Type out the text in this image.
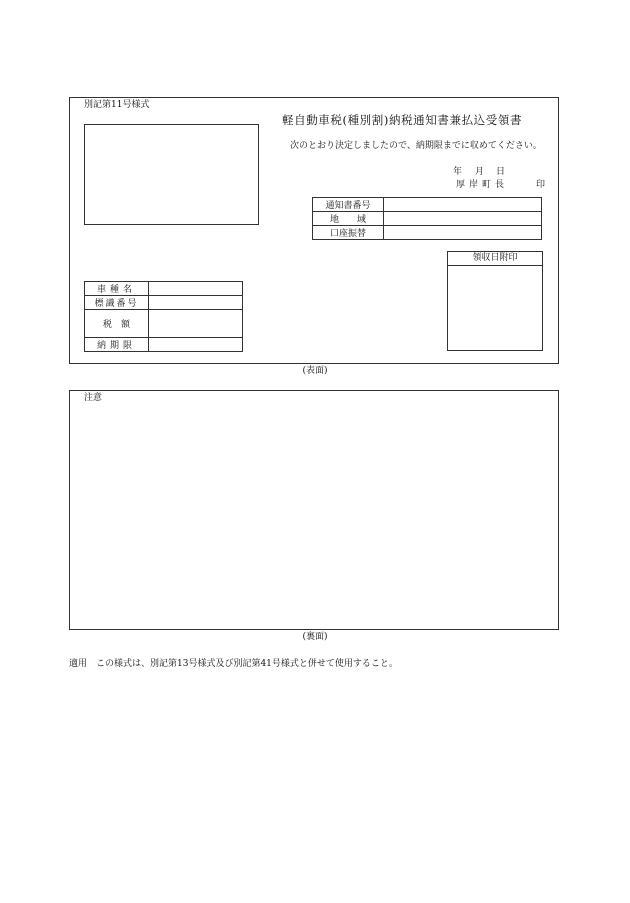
別記第11号様式
軽自動車税(種別割)納税通知書兼払込受領書
次のとおり決定しましたので、納期限までに収めてください。
年 月 日
厚岸町長	印
通知書番号	
地　　域	
口座振替	
領収日附印
車種名	
標識番号	
税　額	
納期限	
(表面)
注意
(裏面)
適用 この様式は、別記第13号様式及び別記第41号様式と併せて使用すること。
